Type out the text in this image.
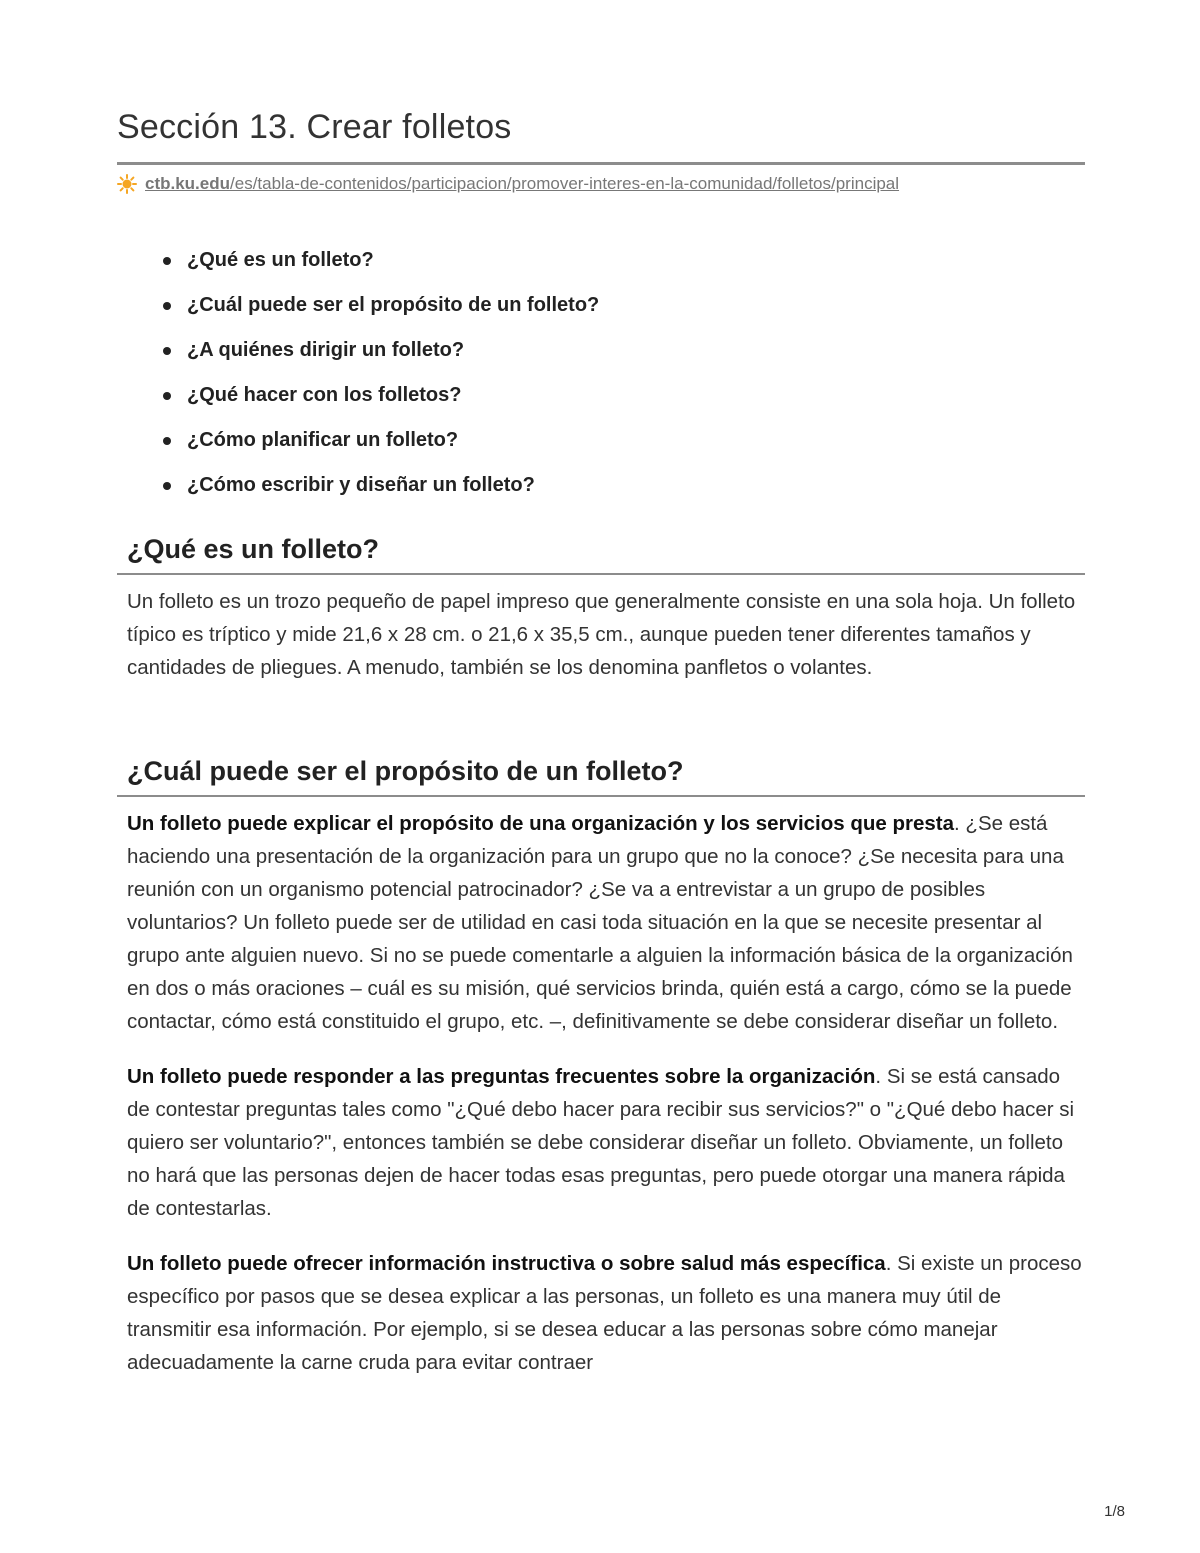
Sección 13. Crear folletos
ctb.ku.edu/es/tabla-de-contenidos/participacion/promover-interes-en-la-comunidad/folletos/principal
¿Qué es un folleto?
¿Cuál puede ser el propósito de un folleto?
¿A quiénes dirigir un folleto?
¿Qué hacer con los folletos?
¿Cómo planificar un folleto?
¿Cómo escribir y diseñar un folleto?
¿Qué es un folleto?

Un folleto es un trozo pequeño de papel impreso que generalmente consiste en una sola hoja. Un folleto típico es tríptico y mide 21,6 x 28 cm. o 21,6 x 35,5 cm., aunque pueden tener diferentes tamaños y cantidades de pliegues. A menudo, también se los denomina panfletos o volantes.

¿Cuál puede ser el propósito de un folleto?

Un folleto puede explicar el propósito de una organización y los servicios que presta. ¿Se está haciendo una presentación de la organización para un grupo que no la conoce? ¿Se necesita para una reunión con un organismo potencial patrocinador? ¿Se va a entrevistar a un grupo de posibles voluntarios? Un folleto puede ser de utilidad en casi toda situación en la que se necesite presentar al grupo ante alguien nuevo. Si no se puede comentarle a alguien la información básica de la organización en dos o más oraciones – cuál es su misión, qué servicios brinda, quién está a cargo, cómo se la puede contactar, cómo está constituido el grupo, etc. –, definitivamente se debe considerar diseñar un folleto.

Un folleto puede responder a las preguntas frecuentes sobre la organización. Si se está cansado de contestar preguntas tales como "¿Qué debo hacer para recibir sus servicios?" o "¿Qué debo hacer si quiero ser voluntario?", entonces también se debe considerar diseñar un folleto. Obviamente, un folleto no hará que las personas dejen de hacer todas esas preguntas, pero puede otorgar una manera rápida de contestarlas.

Un folleto puede ofrecer información instructiva o sobre salud más específica. Si existe un proceso específico por pasos que se desea explicar a las personas, un folleto es una manera muy útil de transmitir esa información. Por ejemplo, si se desea educar a las personas sobre cómo manejar adecuadamente la carne cruda para evitar contraer

1/8
